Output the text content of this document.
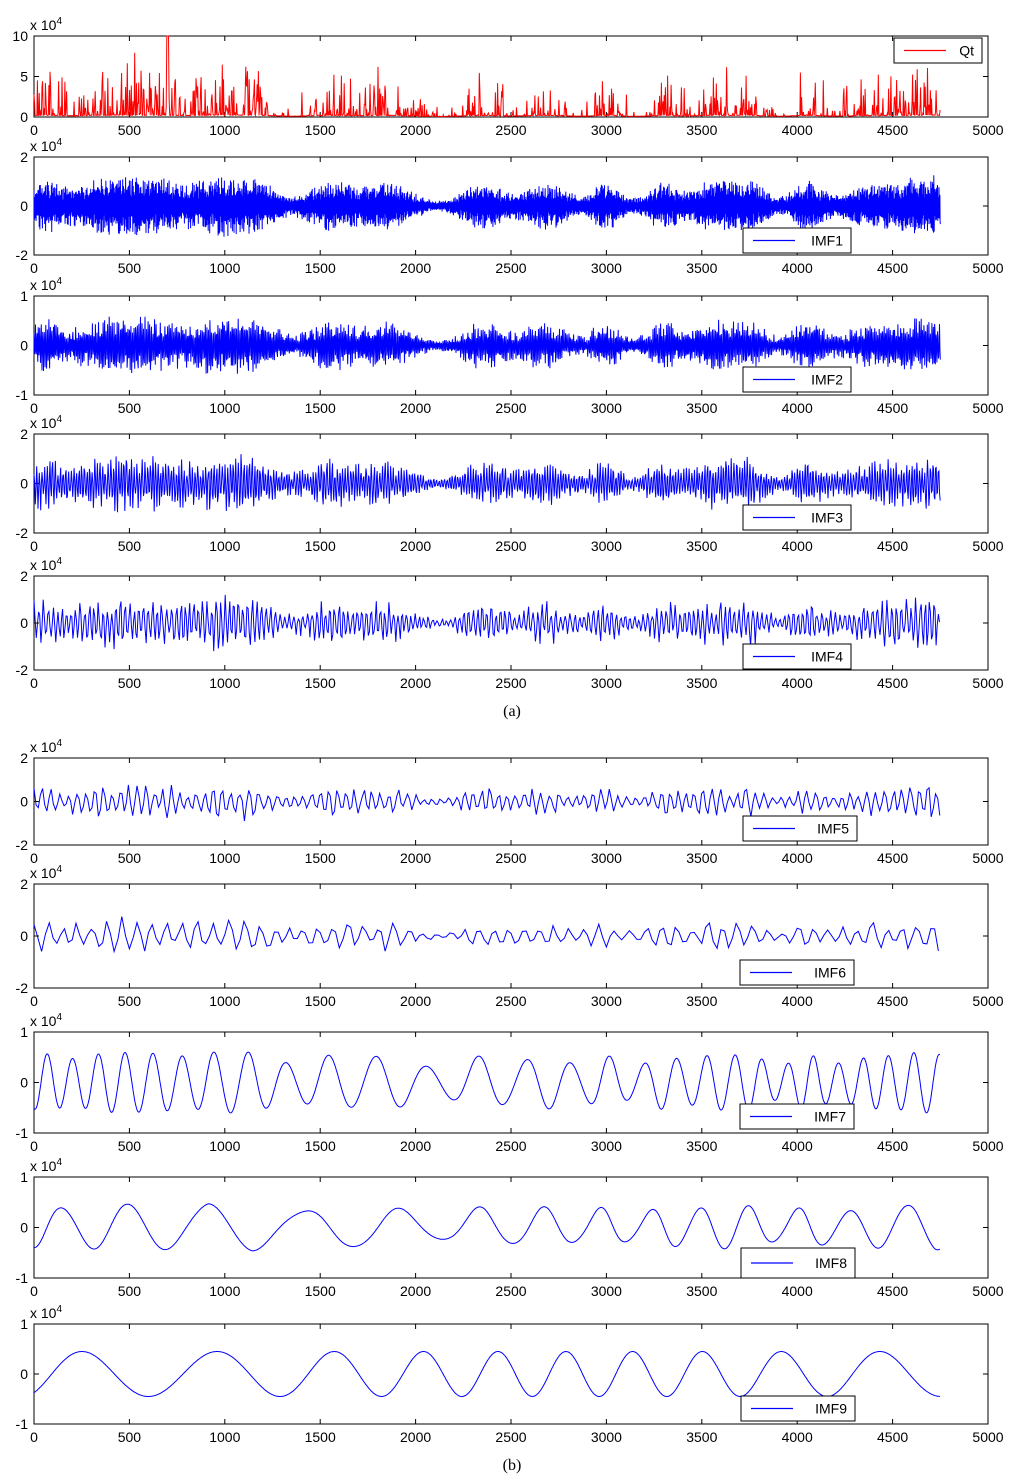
0	500	1000	1500	2000	2500	3000	3500	4000	4500	5000
0
5
10
x $10^4$
Qt
0	500	1000	1500	2000	2500	3000	3500	4000	4500	5000
-2
0
2
x $10^4$
IMF1
0	500	1000	1500	2000	2500	3000	3500	4000	4500	5000
-1
0
1
x $10^4$
IMF2
0	500	1000	1500	2000	2500	3000	3500	4000	4500	5000
-2
0
2
x $10^4$
IMF3
0	500	1000	1500	2000	2500	3000	3500	4000	4500	5000
-2
0
2
x $10^4$
IMF4
0	500	1000	1500	2000	2500	3000	3500	4000	4500	5000
-2
0
2
x $10^4$
IMF5
0	500	1000	1500	2000	2500	3000	3500	4000	4500	5000
-2
0
2
x $10^4$
IMF6
0	500	1000	1500	2000	2500	3000	3500	4000	4500	5000
-1
0
1
x $10^4$
IMF7
0	500	1000	1500	2000	2500	3000	3500	4000	4500	5000
-1
0
1
x $10^4$
IMF8
0	500	1000	1500	2000	2500	3000	3500	4000	4500	5000
-1
0
1
x $10^4$
IMF9
(a)
(b)
